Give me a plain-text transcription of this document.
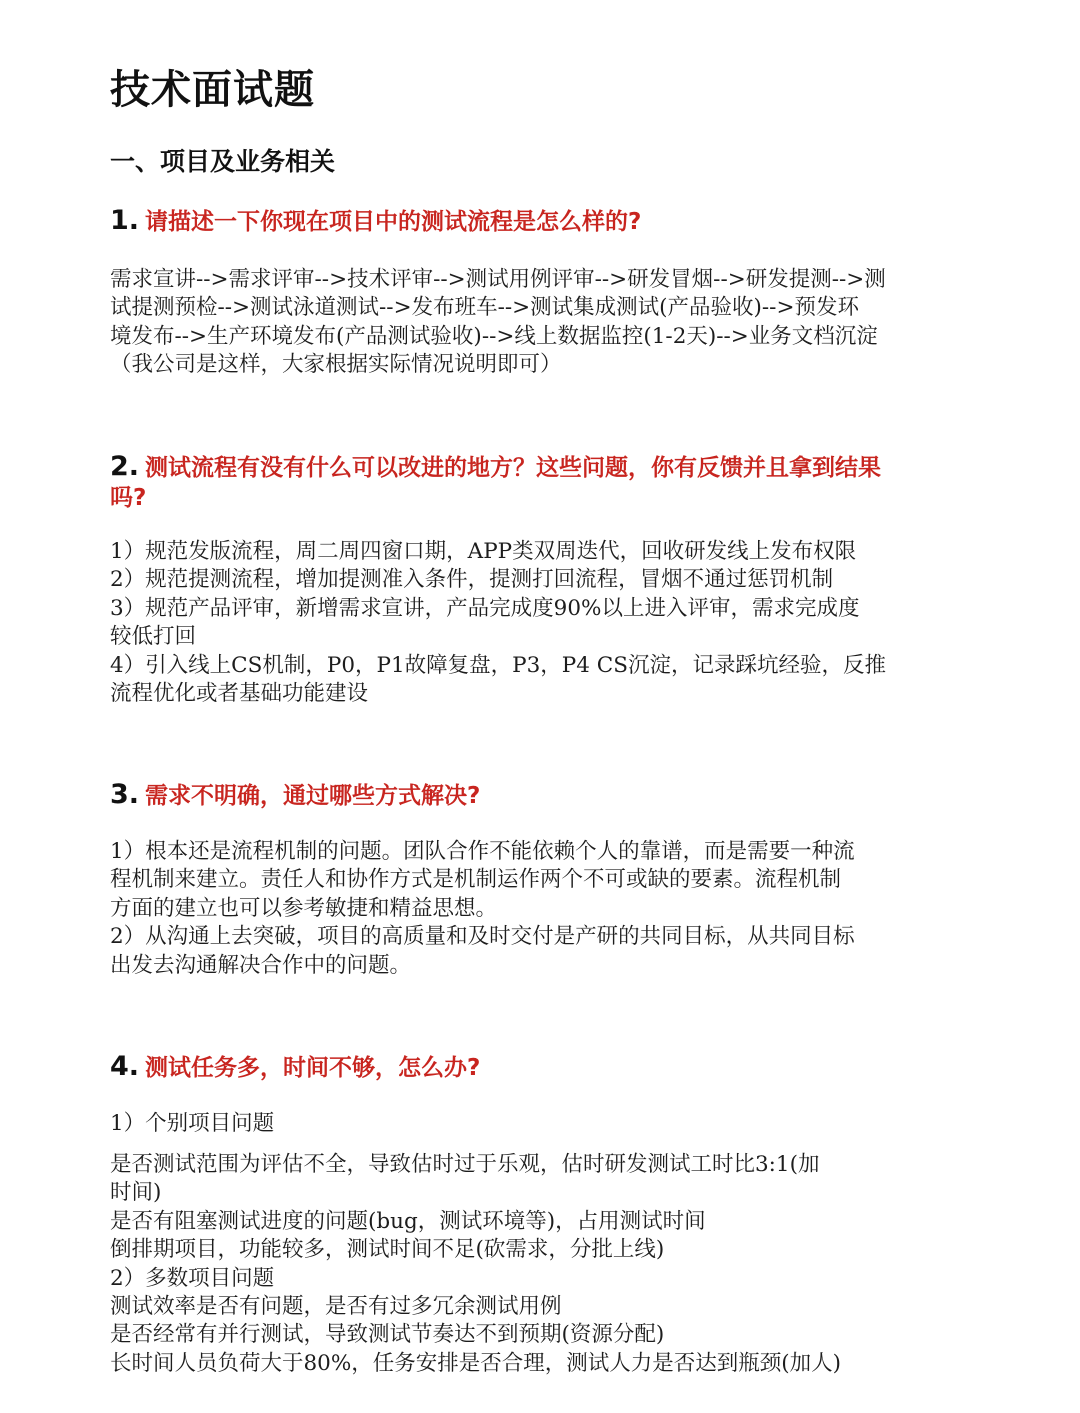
技术面试题
一、项目及业务相关
1. 请描述一下你现在项目中的测试流程是怎么样的?
需求宣讲-->需求评审-->技术评审-->测试用例评审-->研发冒烟-->研发提测-->测
试提测预检-->测试泳道测试-->发布班车-->测试集成测试(产品验收)-->预发环
境发布-->生产环境发布(产品测试验收)-->线上数据监控(1-2天)-->业务文档沉淀
（我公司是这样，大家根据实际情况说明即可）
2. 测试流程有没有什么可以改进的地方？这些问题，你有反馈并且拿到结果
吗?
1）规范发版流程，周二周四窗口期，APP类双周迭代，回收研发线上发布权限
2）规范提测流程，增加提测准入条件，提测打回流程，冒烟不通过惩罚机制
3）规范产品评审，新增需求宣讲，产品完成度90%以上进入评审，需求完成度
较低打回
4）引入线上CS机制，P0，P1故障复盘，P3，P4 CS沉淀，记录踩坑经验，反推
流程优化或者基础功能建设
3. 需求不明确，通过哪些方式解决?
1）根本还是流程机制的问题。团队合作不能依赖个人的靠谱，而是需要一种流
程机制来建立。责任人和协作方式是机制运作两个不可或缺的要素。流程机制
方面的建立也可以参考敏捷和精益思想。
2）从沟通上去突破，项目的高质量和及时交付是产研的共同目标，从共同目标
出发去沟通解决合作中的问题。
4. 测试任务多，时间不够，怎么办?
1）个别项目问题
是否测试范围为评估不全，导致估时过于乐观，估时研发测试工时比3:1(加
时间)
是否有阻塞测试进度的问题(bug，测试环境等)，占用测试时间
倒排期项目，功能较多，测试时间不足(砍需求，分批上线)
2）多数项目问题
测试效率是否有问题，是否有过多冗余测试用例
是否经常有并行测试，导致测试节奏达不到预期(资源分配)
长时间人员负荷大于80%，任务安排是否合理，测试人力是否达到瓶颈(加人)
